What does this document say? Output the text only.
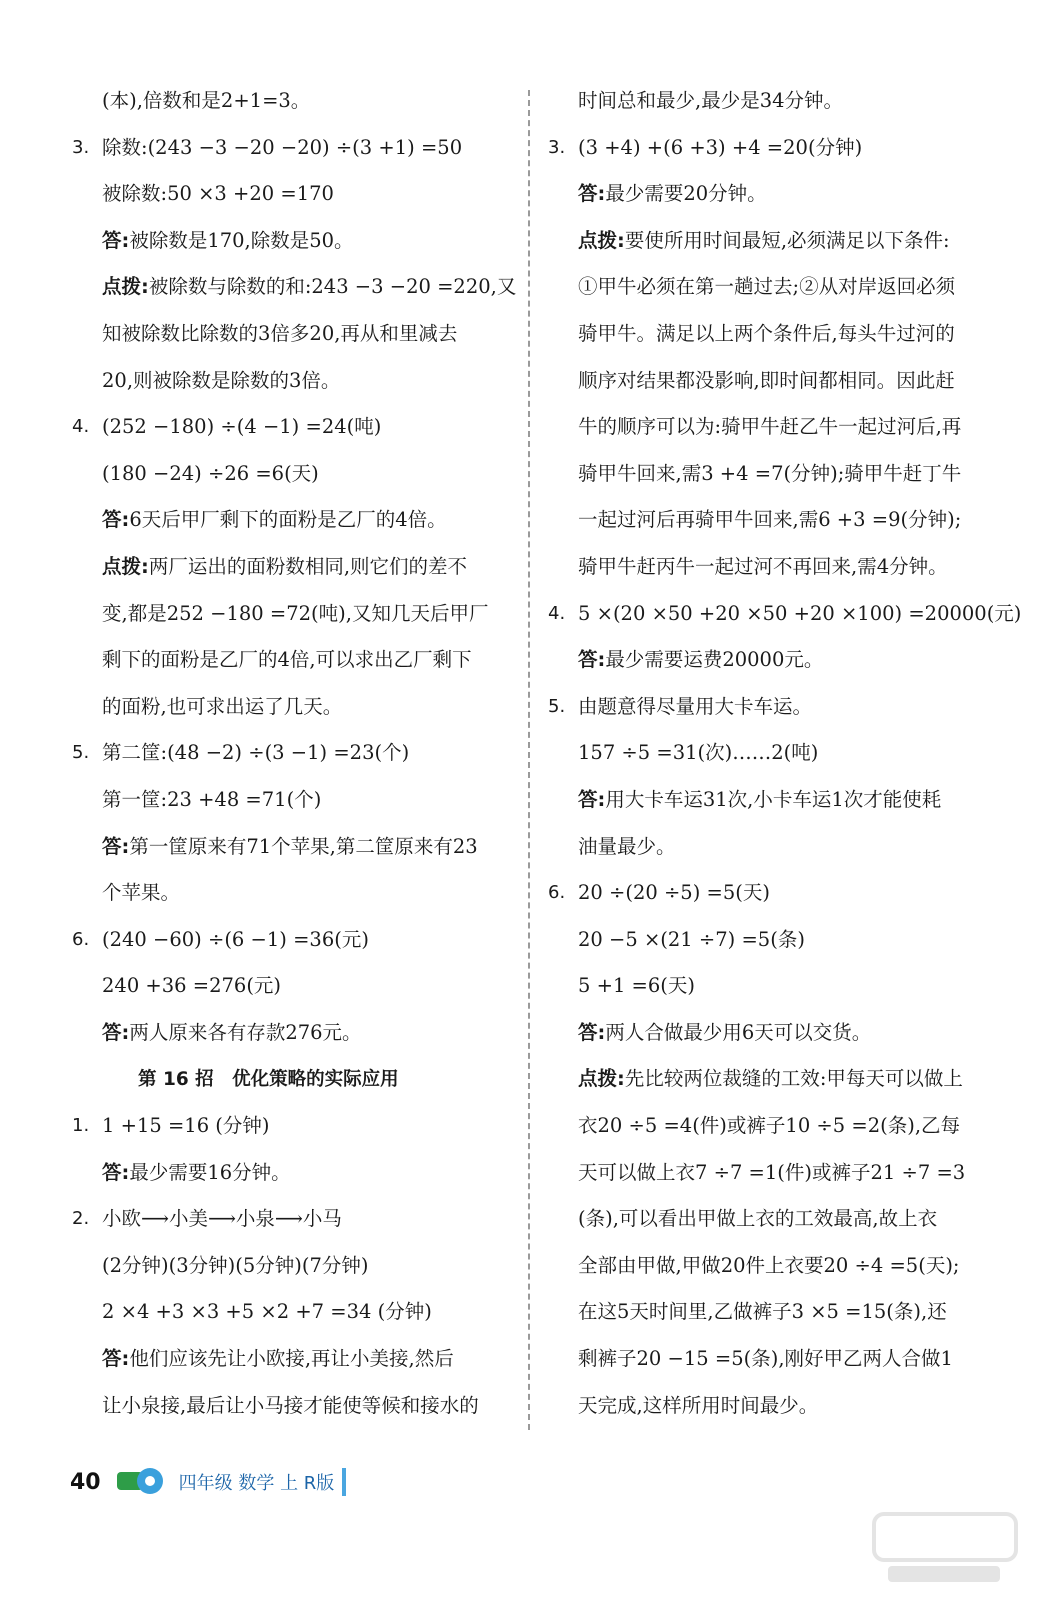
(本),倍数和是2+1=3。
3. 除数:(243 −3 −20 −20) ÷(3 +1) =50
被除数:50 ×3 +20 =170
答:被除数是170,除数是50。
点拨:被除数与除数的和:243 −3 −20 =220,又
知被除数比除数的3倍多20,再从和里减去
20,则被除数是除数的3倍。
4. (252 −180) ÷(4 −1) =24(吨)
(180 −24) ÷26 =6(天)
答:6天后甲厂剩下的面粉是乙厂的4倍。
点拨:两厂运出的面粉数相同,则它们的差不
变,都是252 −180 =72(吨),又知几天后甲厂
剩下的面粉是乙厂的4倍,可以求出乙厂剩下
的面粉,也可求出运了几天。
5. 第二筐:(48 −2) ÷(3 −1) =23(个)
第一筐:23 +48 =71(个)
答:第一筐原来有71个苹果,第二筐原来有23
个苹果。
6. (240 −60) ÷(6 −1) =36(元)
240 +36 =276(元)
答:两人原来各有存款276元。
第 16 招　优化策略的实际应用
1. 1 +15 =16 (分钟)
答:最少需要16分钟。
2. 小欧⟶小美⟶小泉⟶小马
(2分钟)(3分钟)(5分钟)(7分钟)
2 ×4 +3 ×3 +5 ×2 +7 =34 (分钟)
答:他们应该先让小欧接,再让小美接,然后
让小泉接,最后让小马接才能使等候和接水的
时间总和最少,最少是34分钟。
3. (3 +4) +(6 +3) +4 =20(分钟)
答:最少需要20分钟。
点拨:要使所用时间最短,必须满足以下条件:
①甲牛必须在第一趟过去;②从对岸返回必须
骑甲牛。满足以上两个条件后,每头牛过河的
顺序对结果都没影响,即时间都相同。因此赶
牛的顺序可以为:骑甲牛赶乙牛一起过河后,再
骑甲牛回来,需3 +4 =7(分钟);骑甲牛赶丁牛
一起过河后再骑甲牛回来,需6 +3 =9(分钟);
骑甲牛赶丙牛一起过河不再回来,需4分钟。
4. 5 ×(20 ×50 +20 ×50 +20 ×100) =20000(元)
答:最少需要运费20000元。
5. 由题意得尽量用大卡车运。
157 ÷5 =31(次)……2(吨)
答:用大卡车运31次,小卡车运1次才能使耗
油量最少。
6. 20 ÷(20 ÷5) =5(天)
20 −5 ×(21 ÷7) =5(条)
5 +1 =6(天)
答:两人合做最少用6天可以交货。
点拨:先比较两位裁缝的工效:甲每天可以做上
衣20 ÷5 =4(件)或裤子10 ÷5 =2(条),乙每
天可以做上衣7 ÷7 =1(件)或裤子21 ÷7 =3
(条),可以看出甲做上衣的工效最高,故上衣
全部由甲做,甲做20件上衣要20 ÷4 =5(天);
在这5天时间里,乙做裤子3 ×5 =15(条),还
剩裤子20 −15 =5(条),刚好甲乙两人合做1
天完成,这样所用时间最少。
40	四年级 数学 上 R版
